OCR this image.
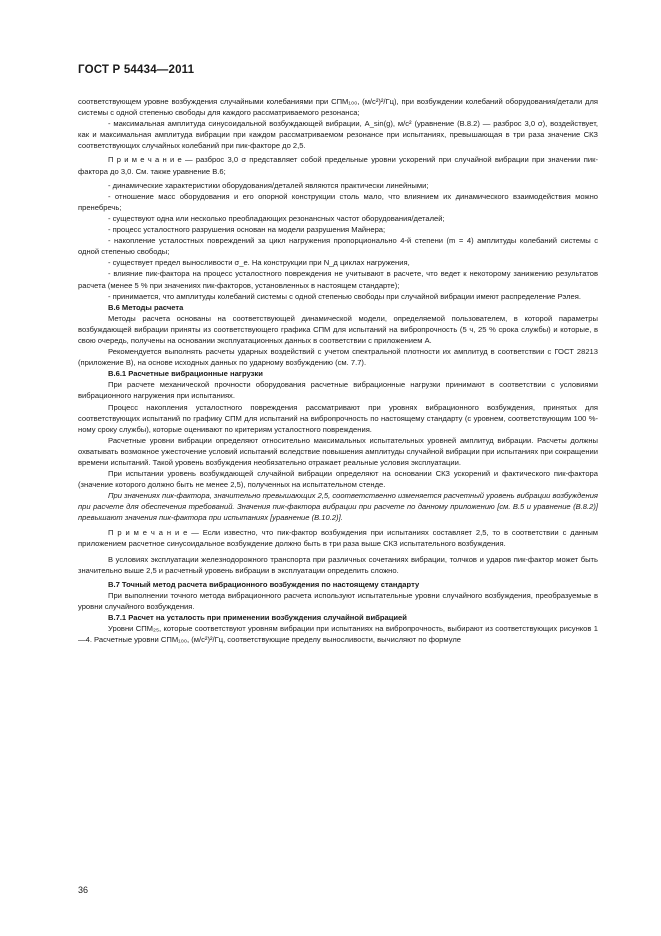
ГОСТ Р 54434—2011

соответствующем уровне возбуждения случайными колебаниями при СПМ₁₀₀, (м/с²)²/Гц), при возбуждении колебаний оборудования/детали для системы с одной степенью свободы для каждого рассматриваемого резонанса;

- максимальная амплитуда синусоидальной возбуждающей вибрации, A_sin(g), м/с² (уравнение (B.8.2) — разброс 3,0 σ), воздействует, как и максимальная амплитуда вибрации при каждом рассматриваемом резонансе при испытаниях, превышающая в три раза значение СКЗ соответствующих случайных колебаний при пик-факторе до 2,5.

П р и м е ч а н и е — разброс 3,0 σ представляет собой предельные уровни ускорений при случайной вибрации при значении пик-фактора до 3,0. См. также уравнение B.6;

- динамические характеристики оборудования/деталей являются практически линейными;

- отношение масс оборудования и его опорной конструкции столь мало, что влиянием их динамического взаимодействия можно пренебречь;

- существуют одна или несколько преобладающих резонансных частот оборудования/деталей;

- процесс усталостного разрушения основан на модели разрушения Майнера;

- накопление усталостных повреждений за цикл нагружения пропорционально 4-й степени (m = 4) амплитуды колебаний системы с одной степенью свободы;

- существует предел выносливости σ_e. На конструкции при N_д циклах нагружения,

- влияние пик-фактора на процесс усталостного повреждения не учитывают в расчете, что ведет к некоторому занижению результатов расчета (менее 5 % при значениях пик-факторов, установленных в настоящем стандарте);

- принимается, что амплитуды колебаний системы с одной степенью свободы при случайной вибрации имеют распределение Рэлея.

В.6 Методы расчета

Методы расчета основаны на соответствующей динамической модели, определяемой пользователем, в которой параметры возбуждающей вибрации приняты из соответствующего графика СПМ для испытаний на вибропрочность (5 ч, 25 % срока службы) и которые, в свою очередь, получены на основании эксплуатационных данных в соответствии с приложением А.

Рекомендуется выполнять расчеты ударных воздействий с учетом спектральной плотности их амплитуд в соответствии с ГОСТ 28213 (приложение В), на основе исходных данных по ударному возбуждению (см. 7.7).

В.6.1 Расчетные вибрационные нагрузки

При расчете механической прочности оборудования расчетные вибрационные нагрузки принимают в соответствии с условиями вибрационного нагружения при испытаниях.

Процесс накопления усталостного повреждения рассматривают при уровнях вибрационного возбуждения, принятых для соответствующих испытаний по графику СПМ для испытаний на вибропрочность по настоящему стандарту (с уровнем, соответствующим 100 %-ному сроку службы), которые оценивают по критериям усталостного повреждения.

Расчетные уровни вибрации определяют относительно максимальных испытательных уровней амплитуд вибрации. Расчеты должны охватывать возможное ужесточение условий испытаний вследствие повышения амплитуды случайной вибрации при испытаниях при сокращении времени испытаний. Такой уровень возбуждения необязательно отражает реальные условия эксплуатации.

При испытании уровень возбуждающей случайной вибрации определяют на основании СКЗ ускорений и фактического пик-фактора (значение которого должно быть не менее 2,5), полученных на испытательном стенде.

При значениях пик-фактора, значительно превышающих 2,5, соответственно изменяется расчетный уровень вибрации возбуждения при расчете для обеспечения требований. Значения пик-фактора вибрации при расчете по данному приложению [см. В.5 и уравнение (В.8.2)] превышают значения пик-фактора при испытаниях [уравнение (В.10.2)].

П р и м е ч а н и е — Если известно, что пик-фактор возбуждения при испытаниях составляет 2,5, то в соответствии с данным приложением расчетное синусоидальное возбуждение должно быть в три раза выше СКЗ испытательного возбуждения.

В условиях эксплуатации железнодорожного транспорта при различных сочетаниях вибрации, толчков и ударов пик-фактор может быть значительно выше 2,5 и расчетный уровень вибрации в эксплуатации определить сложно.

В.7 Точный метод расчета вибрационного возбуждения по настоящему стандарту

При выполнении точного метода вибрационного расчета используют испытательные уровни случайного возбуждения, преобразуемые в уровни случайного возбуждения.

В.7.1 Расчет на усталость при применении возбуждения случайной вибрацией

Уровни СПМ₂₅, которые соответствуют уровням вибрации при испытаниях на вибропрочность, выбирают из соответствующих рисунков 1—4. Расчетные уровни СПМ₁₀₀, (м/с²)²/Гц, соответствующие пределу выносливости, вычисляют по формуле

36
